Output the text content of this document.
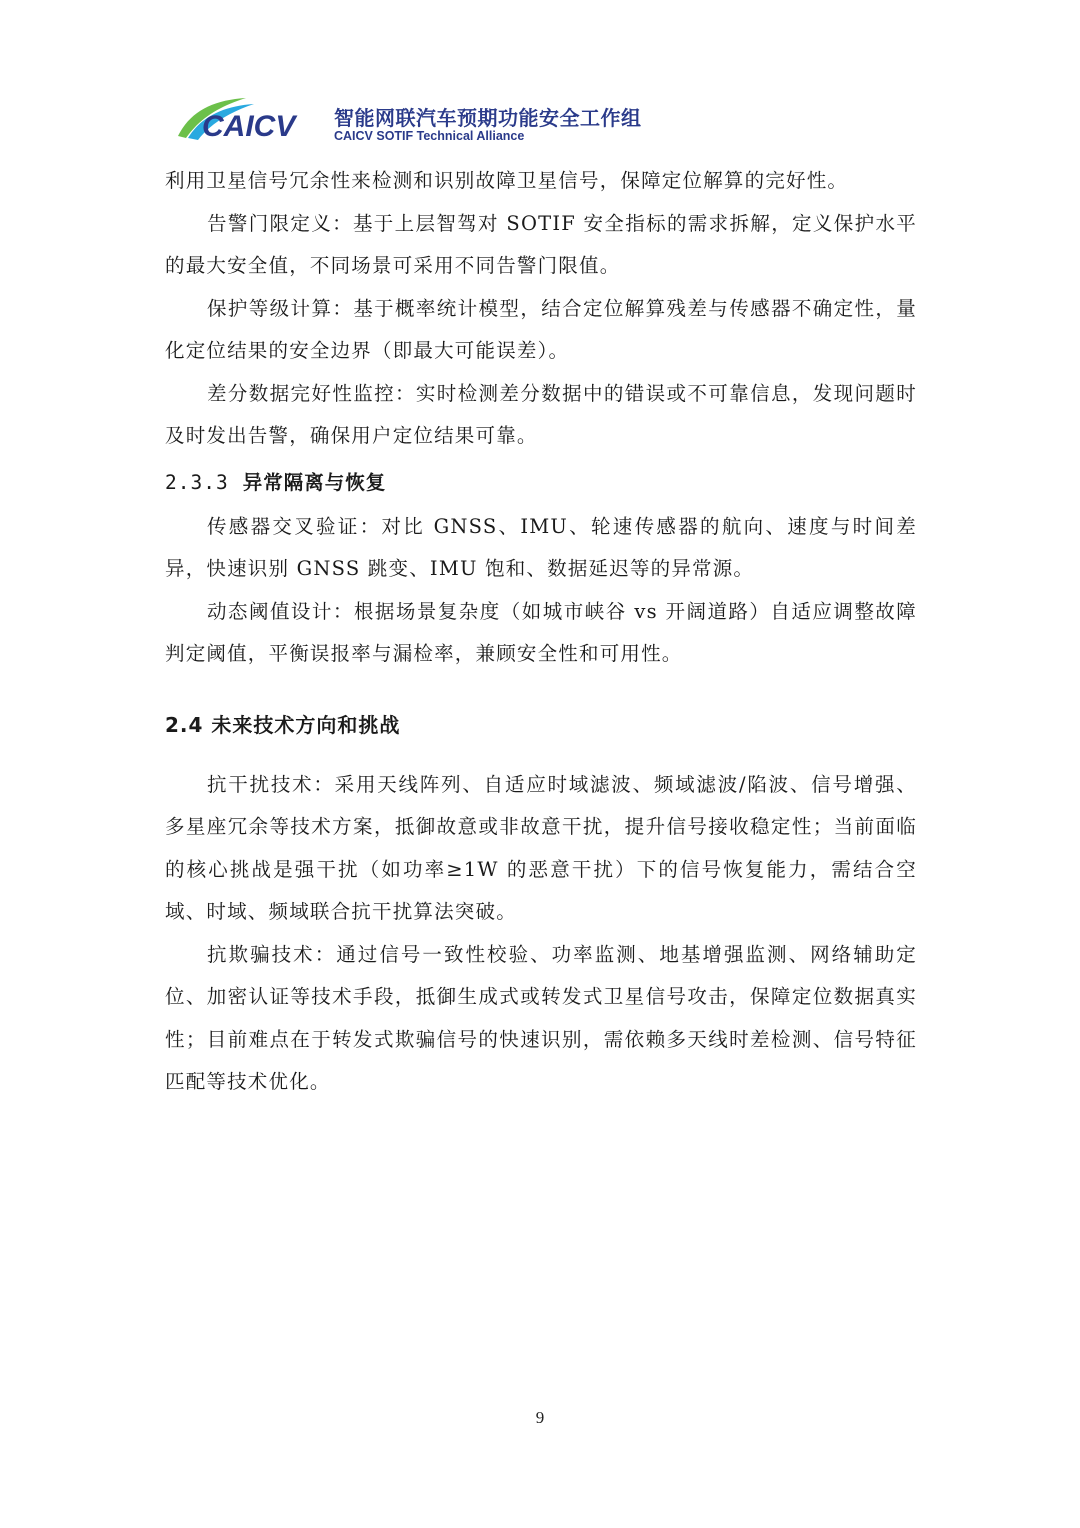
CAICV 智能网联汽车预期功能安全工作组
CAICV SOTIF Technical Alliance

利用卫星信号冗余性来检测和识别故障卫星信号，保障定位解算的完好性。

告警门限定义：基于上层智驾对 SOTIF 安全指标的需求拆解，定义保护水平的最大安全值，不同场景可采用不同告警门限值。

保护等级计算：基于概率统计模型，结合定位解算残差与传感器不确定性，量化定位结果的安全边界（即最大可能误差）。

差分数据完好性监控：实时检测差分数据中的错误或不可靠信息，发现问题时及时发出告警，确保用户定位结果可靠。

2.3.3 异常隔离与恢复

传感器交叉验证：对比 GNSS、IMU、轮速传感器的航向、速度与时间差异，快速识别 GNSS 跳变、IMU 饱和、数据延迟等的异常源。

动态阈值设计：根据场景复杂度（如城市峡谷 vs 开阔道路）自适应调整故障判定阈值，平衡误报率与漏检率，兼顾安全性和可用性。

2.4 未来技术方向和挑战

抗干扰技术：采用天线阵列、自适应时域滤波、频域滤波/陷波、信号增强、多星座冗余等技术方案，抵御故意或非故意干扰，提升信号接收稳定性；当前面临的核心挑战是强干扰（如功率≥1W 的恶意干扰）下的信号恢复能力，需结合空域、时域、频域联合抗干扰算法突破。

抗欺骗技术：通过信号一致性校验、功率监测、地基增强监测、网络辅助定位、加密认证等技术手段，抵御生成式或转发式卫星信号攻击，保障定位数据真实性；目前难点在于转发式欺骗信号的快速识别，需依赖多天线时差检测、信号特征匹配等技术优化。

9
